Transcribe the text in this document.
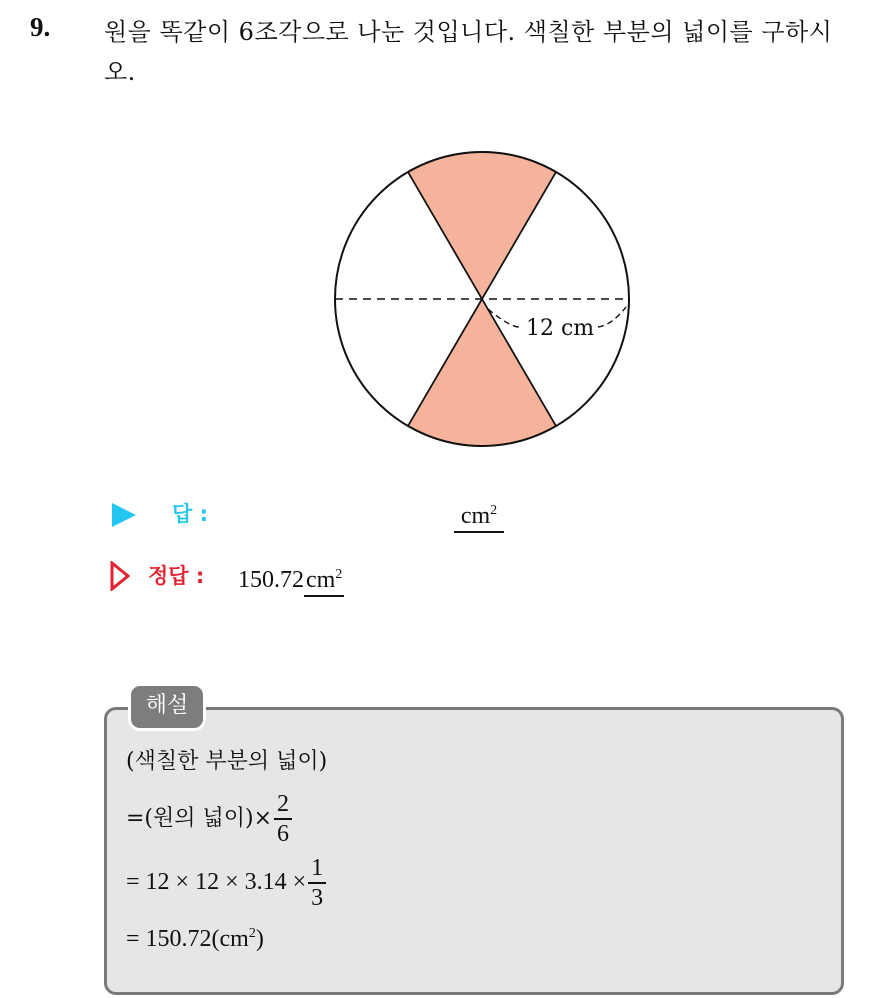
9. 원을 똑같이 6조각으로 나눈 것입니다. 색칠한 부분의 넓이를 구하시오.
12 cm
답 :	$cm^2$
정답 : $150.72cm^2$
해설
(색칠한 부분의 넓이)
=(원의 넓이)× $\frac{2}{6}$
= $12 \times 12 \times 3.14 \times \frac{1}{3}$
= $150.72(cm^2)$
